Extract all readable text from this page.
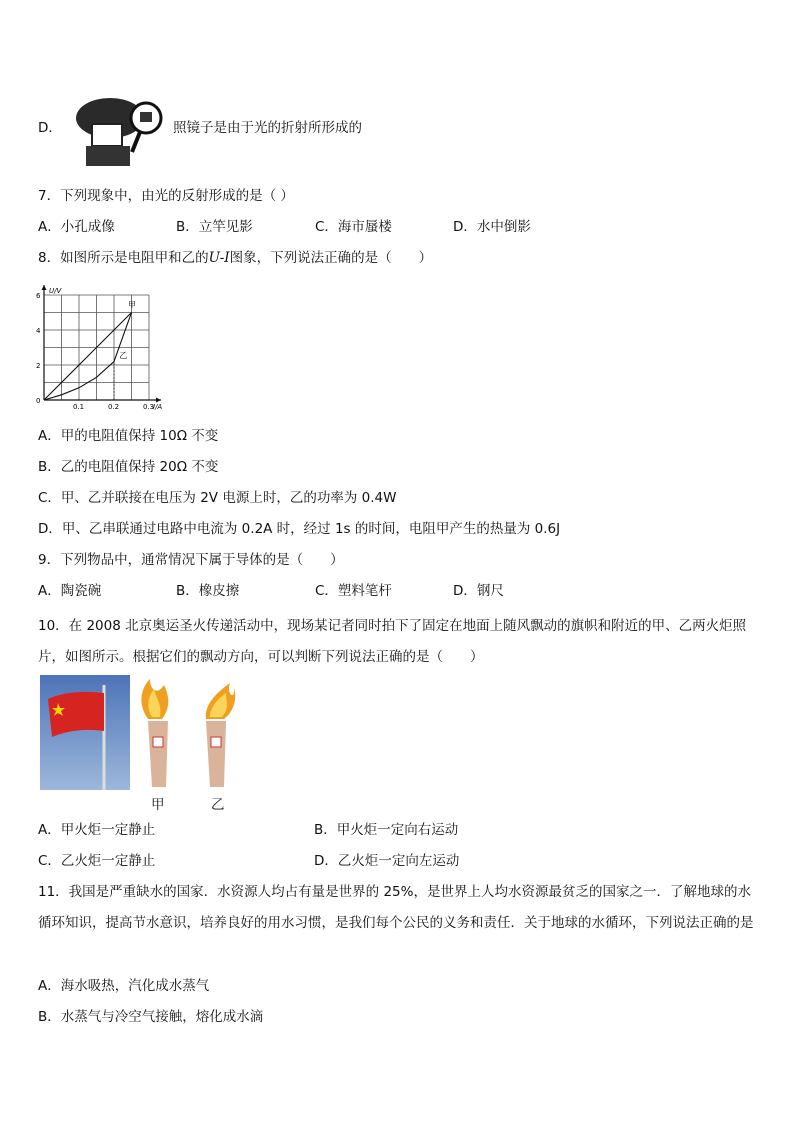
D．	照镜子是由于光的折射所形成的
7．下列现象中，由光的反射形成的是（ ）
A．小孔成像	B．立竿见影	C．海市蜃楼	D．水中倒影
8．如图所示是电阻甲和乙的U-I图象，下列说法正确的是（　　）
U/V
I/A
0
0.1	0.2	0.3
2
4
6
甲
乙
A．甲的电阻值保持 10Ω 不变
B．乙的电阻值保持 20Ω 不变
C．甲、乙并联接在电压为 2V 电源上时，乙的功率为 0.4W
D．甲、乙串联通过电路中电流为 0.2A 时，经过 1s 的时间，电阻甲产生的热量为 0.6J
9．下列物品中，通常情况下属于导体的是（　　）
A．陶瓷碗	B．橡皮擦	C．塑料笔杆	D．钢尺
10．在 2008 北京奥运圣火传递活动中，现场某记者同时拍下了固定在地面上随风飘动的旗帜和附近的甲、乙两火炬照片，如图所示。根据它们的飘动方向，可以判断下列说法正确的是（　　）
甲	乙
A．甲火炬一定静止	B．甲火炬一定向右运动
C．乙火炬一定静止	D．乙火炬一定向左运动
11．我国是严重缺水的国家．水资源人均占有量是世界的 25%，是世界上人均水资源最贫乏的国家之一．了解地球的水循环知识，提高节水意识，培养良好的用水习惯，是我们每个公民的义务和责任．关于地球的水循环，下列说法正确的是
A．海水吸热，汽化成水蒸气
B．水蒸气与冷空气接触，熔化成水滴
